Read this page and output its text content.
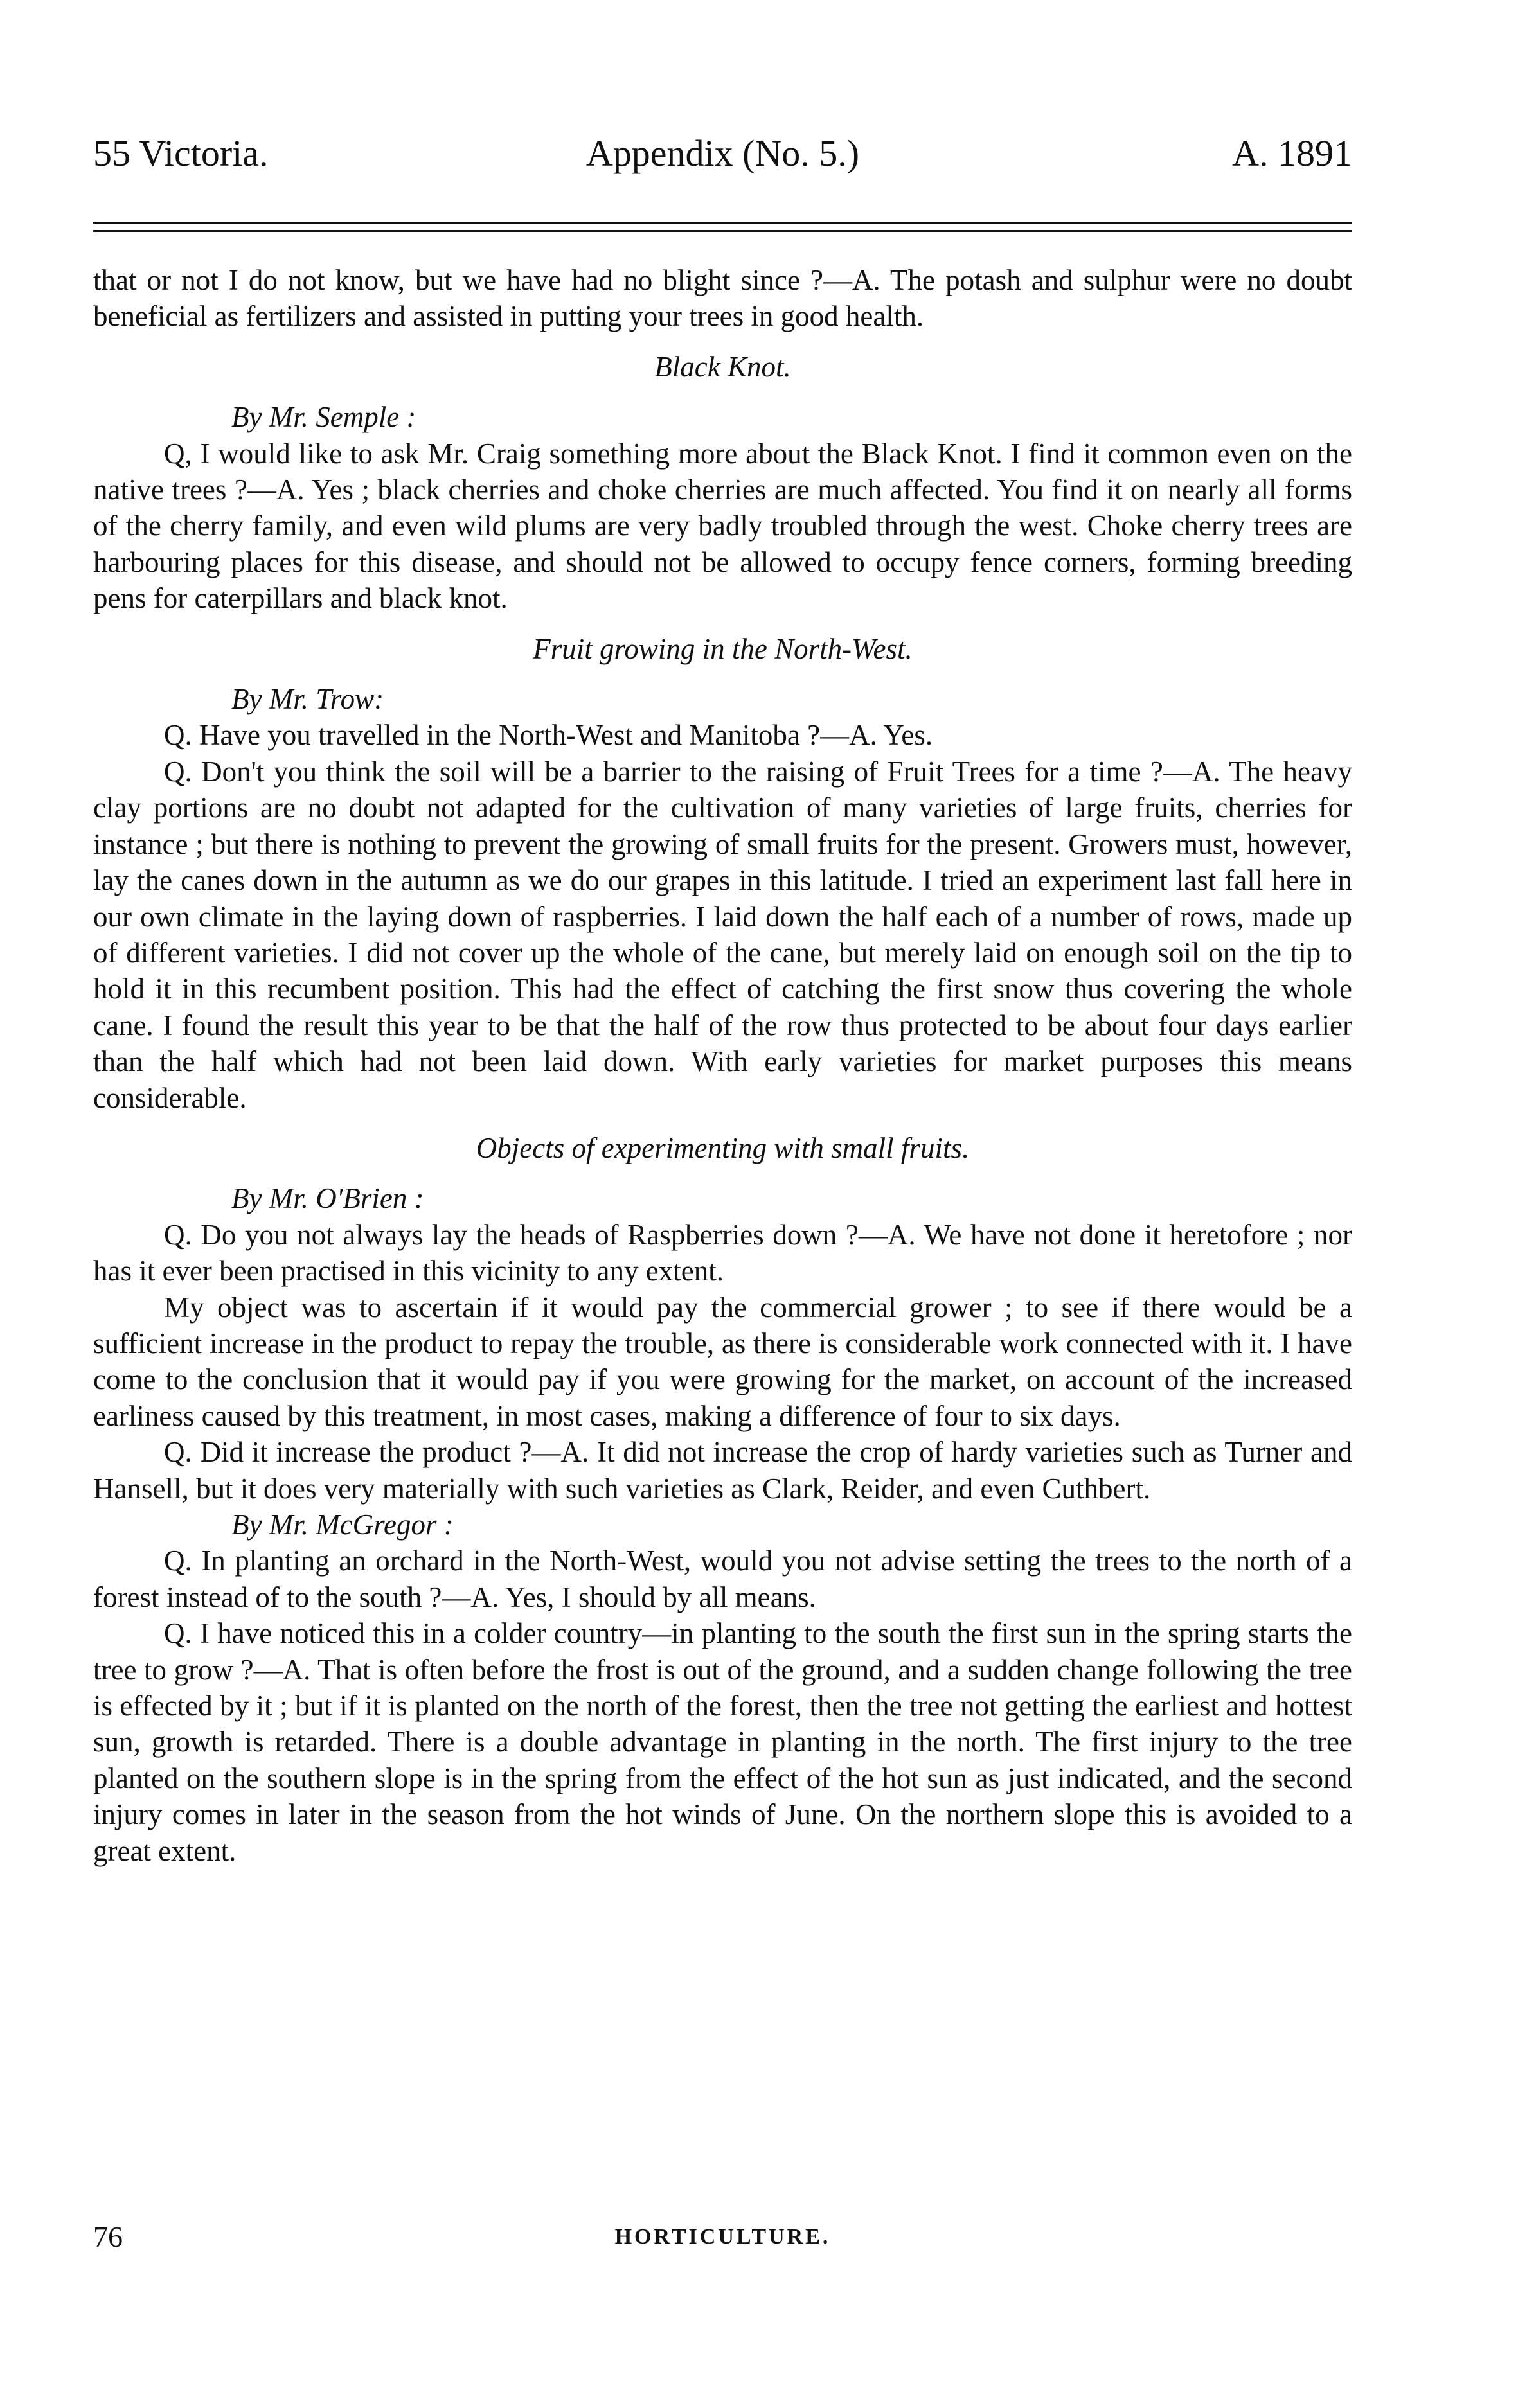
55 Victoria.	Appendix (No. 5.)	A. 1891

that or not I do not know, but we have had no blight since ?—A. The potash and sulphur were no doubt beneficial as fertilizers and assisted in putting your trees in good health.

Black Knot.

By Mr. Semple :

Q, I would like to ask Mr. Craig something more about the Black Knot. I find it common even on the native trees ?—A. Yes ; black cherries and choke cherries are much affected. You find it on nearly all forms of the cherry family, and even wild plums are very badly troubled through the west. Choke cherry trees are harbouring places for this disease, and should not be allowed to occupy fence corners, forming breeding pens for caterpillars and black knot.

Fruit growing in the North-West.

By Mr. Trow:

Q. Have you travelled in the North-West and Manitoba ?—A. Yes.

Q. Don't you think the soil will be a barrier to the raising of Fruit Trees for a time ?—A. The heavy clay portions are no doubt not adapted for the cultivation of many varieties of large fruits, cherries for instance ; but there is nothing to prevent the growing of small fruits for the present. Growers must, however, lay the canes down in the autumn as we do our grapes in this latitude. I tried an experiment last fall here in our own climate in the laying down of raspberries. I laid down the half each of a number of rows, made up of different varieties. I did not cover up the whole of the cane, but merely laid on enough soil on the tip to hold it in this recumbent position. This had the effect of catching the first snow thus covering the whole cane. I found the result this year to be that the half of the row thus protected to be about four days earlier than the half which had not been laid down. With early varieties for market purposes this means considerable.

Objects of experimenting with small fruits.

By Mr. O'Brien :

Q. Do you not always lay the heads of Raspberries down ?—A. We have not done it heretofore ; nor has it ever been practised in this vicinity to any extent.

My object was to ascertain if it would pay the commercial grower ; to see if there would be a sufficient increase in the product to repay the trouble, as there is considerable work connected with it. I have come to the conclusion that it would pay if you were growing for the market, on account of the increased earliness caused by this treatment, in most cases, making a difference of four to six days.

Q. Did it increase the product ?—A. It did not increase the crop of hardy varieties such as Turner and Hansell, but it does very materially with such varieties as Clark, Reider, and even Cuthbert.

By Mr. McGregor :

Q. In planting an orchard in the North-West, would you not advise setting the trees to the north of a forest instead of to the south ?—A. Yes, I should by all means.

Q. I have noticed this in a colder country—in planting to the south the first sun in the spring starts the tree to grow ?—A. That is often before the frost is out of the ground, and a sudden change following the tree is effected by it ; but if it is planted on the north of the forest, then the tree not getting the earliest and hottest sun, growth is retarded. There is a double advantage in planting in the north. The first injury to the tree planted on the southern slope is in the spring from the effect of the hot sun as just indicated, and the second injury comes in later in the season from the hot winds of June. On the northern slope this is avoided to a great extent.

76	HORTICULTURE.
